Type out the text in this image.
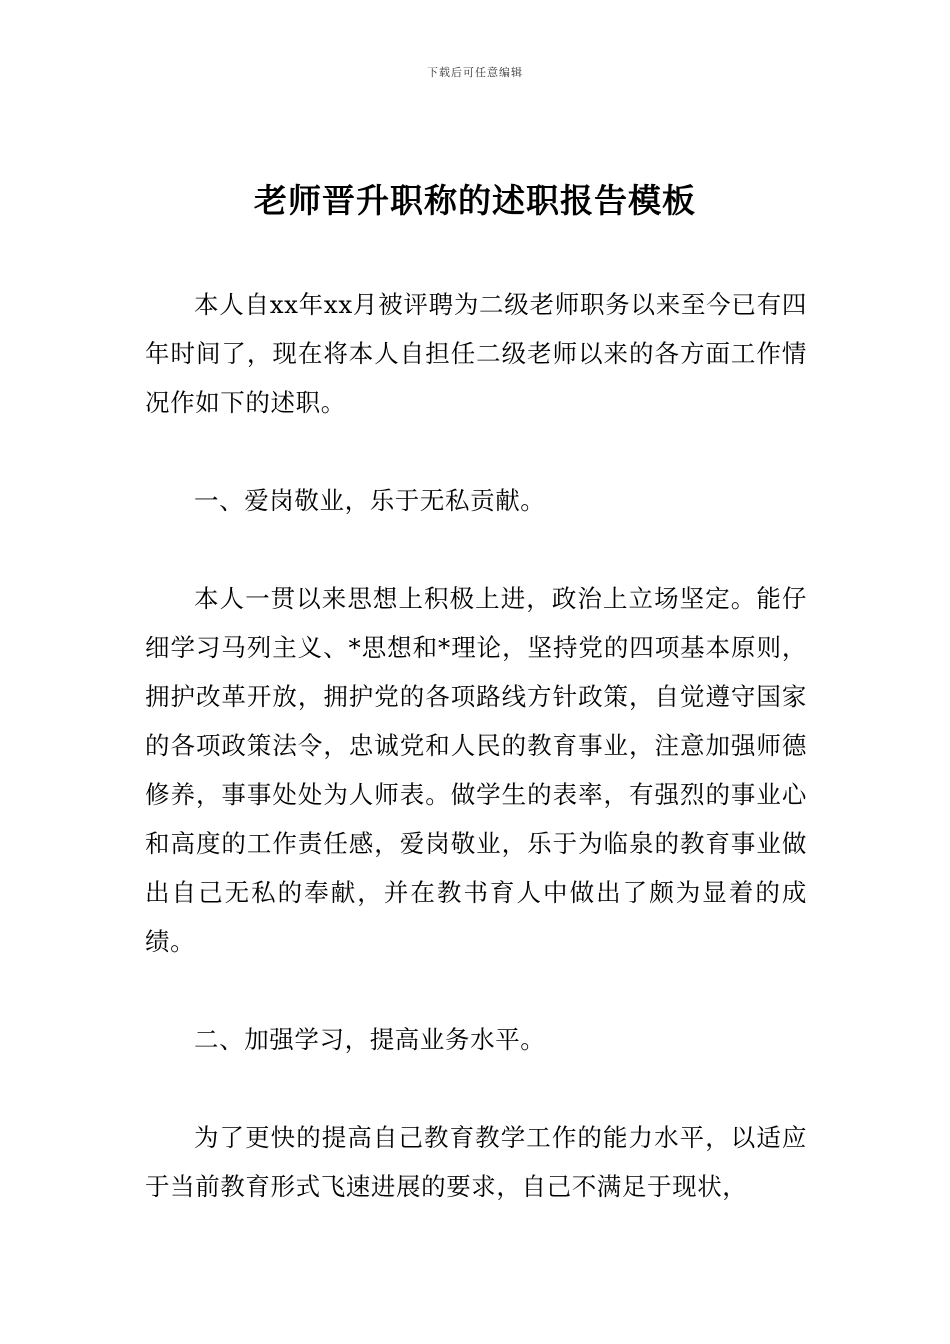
下载后可任意编辑
老师晋升职称的述职报告模板

本人自xx年xx月被评聘为二级老师职务以来至今已有四年时间了，现在将本人自担任二级老师以来的各方面工作情况作如下的述职。

一、爱岗敬业，乐于无私贡献。

本人一贯以来思想上积极上进，政治上立场坚定。能仔细学习马列主义、*思想和*理论，坚持党的四项基本原则，拥护改革开放，拥护党的各项路线方针政策，自觉遵守国家的各项政策法令，忠诚党和人民的教育事业，注意加强师德修养，事事处处为人师表。做学生的表率，有强烈的事业心和高度的工作责任感，爱岗敬业，乐于为临泉的教育事业做出自己无私的奉献，并在教书育人中做出了颇为显着的成绩。

二、加强学习，提高业务水平。

为了更快的提高自己教育教学工作的能力水平，以适应于当前教育形式飞速进展的要求，自己不满足于现状，
